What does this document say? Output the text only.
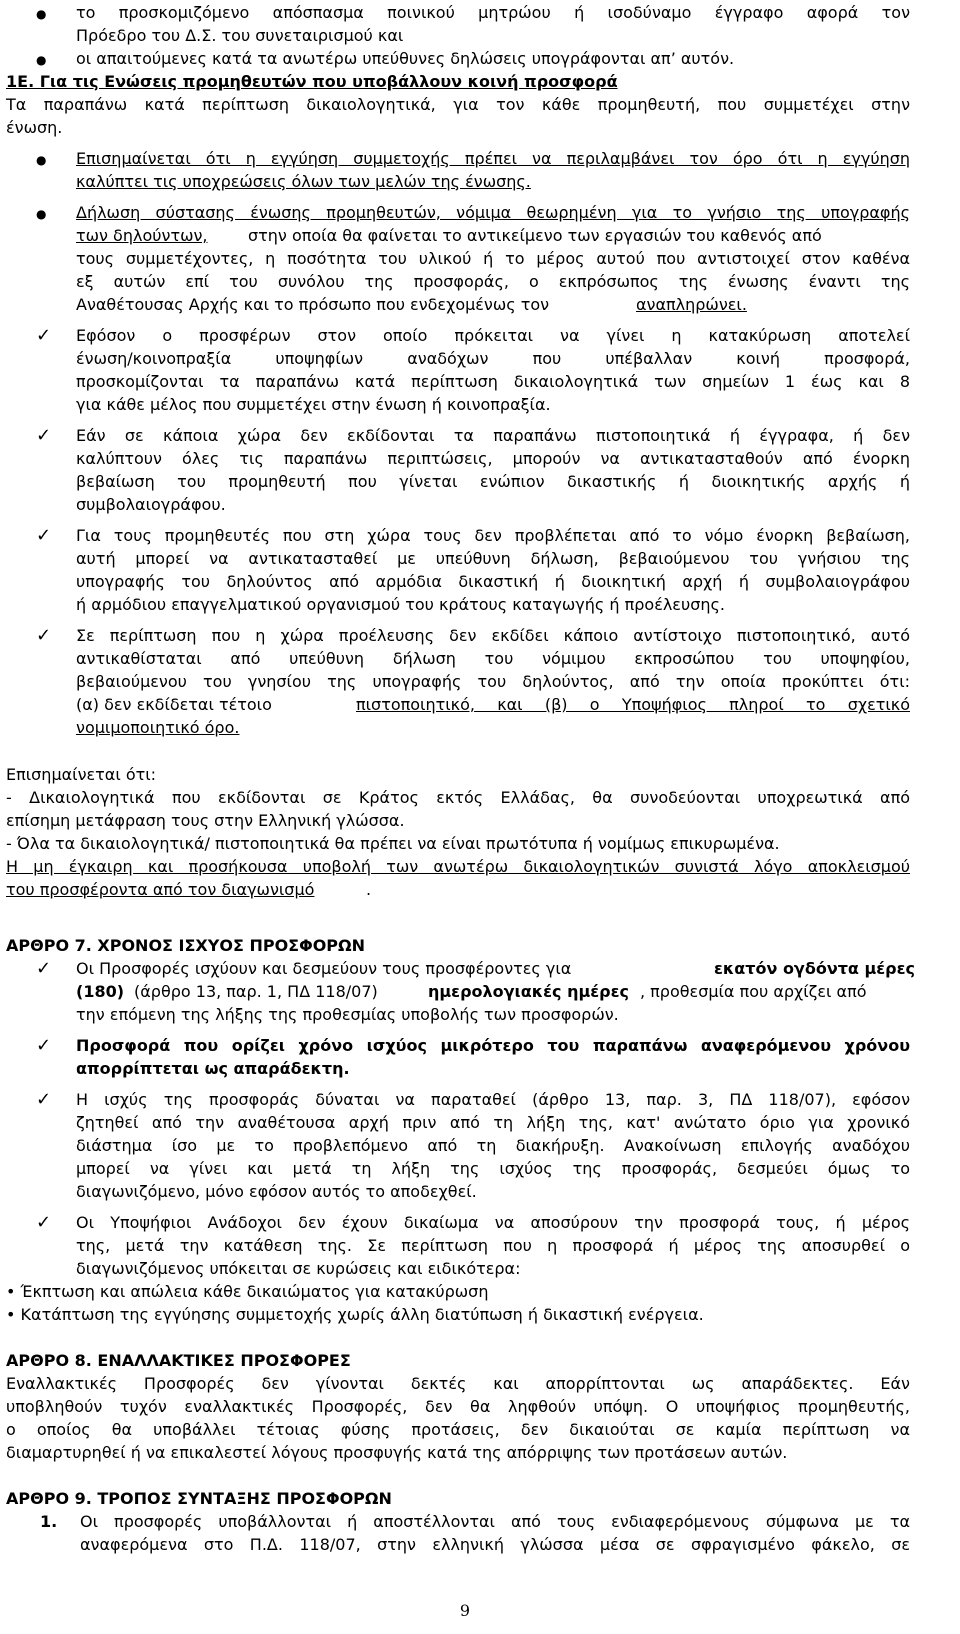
●
το προσκομιζόμενο απόσπασμα ποινικού μητρώου ή ισοδύναμο έγγραφο αφορά τον
Πρόεδρο του Δ.Σ. του συνεταιρισμού και
●
οι απαιτούμενες κατά τα ανωτέρω υπεύθυνες δηλώσεις υπογράφονται απ’ αυτόν.
1Ε. Για τις Ενώσεις προμηθευτών που υποβάλλουν κοινή προσφορά
Τα παραπάνω κατά περίπτωση δικαιολογητικά, για τον κάθε προμηθευτή, που συμμετέχει στην
ένωση.
●
Επισημαίνεται ότι η εγγύηση συμμετοχής πρέπει να περιλαμβάνει τον όρο ότι η εγγύηση
καλύπτει τις υποχρεώσεις όλων των μελών της ένωσης.
●
Δήλωση σύστασης ένωσης προμηθευτών, νόμιμα θεωρημένη για το γνήσιο της υπογραφής
των δηλούντων,	στην οποία θα φαίνεται το αντικείμενο των εργασιών του καθενός από
τους συμμετέχοντες, η ποσότητα του υλικού ή το μέρος αυτού που αντιστοιχεί στον καθένα
εξ αυτών επί του συνόλου της προσφοράς, ο εκπρόσωπος της ένωσης έναντι της
Αναθέτουσας Αρχής και το πρόσωπο που ενδεχομένως τον	αναπληρώνει.
✓ Εφόσον ο προσφέρων στον οποίο πρόκειται να γίνει η κατακύρωση αποτελεί
ένωση/κοινοπραξία υποψηφίων αναδόχων που υπέβαλλαν κοινή προσφορά,
προσκομίζονται τα παραπάνω κατά περίπτωση δικαιολογητικά των σημείων 1 έως και 8
για κάθε μέλος που συμμετέχει στην ένωση ή κοινοπραξία.
✓ Εάν σε κάποια χώρα δεν εκδίδονται τα παραπάνω πιστοποιητικά ή έγγραφα, ή δεν
καλύπτουν όλες τις παραπάνω περιπτώσεις, μπορούν να αντικατασταθούν από ένορκη
βεβαίωση του προμηθευτή που γίνεται ενώπιον δικαστικής ή διοικητικής αρχής ή
συμβολαιογράφου.
✓ Για τους προμηθευτές που στη χώρα τους δεν προβλέπεται από το νόμο ένορκη βεβαίωση,
αυτή μπορεί να αντικατασταθεί με υπεύθυνη δήλωση, βεβαιούμενου του γνήσιου της
υπογραφής του δηλούντος από αρμόδια δικαστική ή διοικητική αρχή ή συμβολαιογράφου
ή αρμόδιου επαγγελματικού οργανισμού του κράτους καταγωγής ή προέλευσης.
✓ Σε περίπτωση που η χώρα προέλευσης δεν εκδίδει κάποιο αντίστοιχο πιστοποιητικό, αυτό
αντικαθίσταται από υπεύθυνη δήλωση του νόμιμου εκπροσώπου του υποψηφίου,
βεβαιούμενου του γνησίου της υπογραφής του δηλούντος, από την οποία προκύπτει ότι:
(α) δεν εκδίδεται τέτοιο	πιστοποιητικό, και (β) ο Υποψήφιος πληροί το σχετικό
νομιμοποιητικό όρο.
Επισημαίνεται ότι:
- Δικαιολογητικά που εκδίδονται σε Κράτος εκτός Ελλάδας, θα συνοδεύονται υποχρεωτικά από
επίσημη μετάφραση τους στην Ελληνική γλώσσα.
- Όλα τα δικαιολογητικά/ πιστοποιητικά θα πρέπει να είναι πρωτότυπα ή νομίμως επικυρωμένα.
Η μη έγκαιρη και προσήκουσα υποβολή των ανωτέρω δικαιολογητικών συνιστά λόγο αποκλεισμού
του προσφέροντα από τον διαγωνισμό	.
ΑΡΘΡΟ 7. ΧΡΟΝΟΣ ΙΣΧΥΟΣ ΠΡΟΣΦΟΡΩΝ
✓ Οι Προσφορές ισχύουν και δεσμεύουν τους προσφέροντες για	εκατόν ογδόντα μέρες
(180) (άρθρο 13, παρ. 1, ΠΔ 118/07)	ημερολογιακές ημέρες , προθεσμία που αρχίζει από
την επόμενη της λήξης της προθεσμίας υποβολής των προσφορών.
✓ Προσφορά που ορίζει χρόνο ισχύος μικρότερο του παραπάνω αναφερόμενου χρόνου
απορρίπτεται ως απαράδεκτη.
✓ Η ισχύς της προσφοράς δύναται να παραταθεί (άρθρο 13, παρ. 3, ΠΔ 118/07), εφόσον
ζητηθεί από την αναθέτουσα αρχή πριν από τη λήξη της, κατ' ανώτατο όριο για χρονικό
διάστημα ίσο με το προβλεπόμενο από τη διακήρυξη. Ανακοίνωση επιλογής αναδόχου
μπορεί να γίνει και μετά τη λήξη της ισχύος της προσφοράς, δεσμεύει όμως το
διαγωνιζόμενο, μόνο εφόσον αυτός το αποδεχθεί.
✓ Οι Υποψήφιοι Ανάδοχοι δεν έχουν δικαίωμα να αποσύρουν την προσφορά τους, ή μέρος
της, μετά την κατάθεση της. Σε περίπτωση που η προσφορά ή μέρος της αποσυρθεί ο
διαγωνιζόμενος υπόκειται σε κυρώσεις και ειδικότερα:
• Έκπτωση και απώλεια κάθε δικαιώματος για κατακύρωση
• Κατάπτωση της εγγύησης συμμετοχής χωρίς άλλη διατύπωση ή δικαστική ενέργεια.
ΑΡΘΡΟ 8. ΕΝΑΛΛΑΚΤΙΚΕΣ ΠΡΟΣΦΟΡΕΣ
Εναλλακτικές Προσφορές δεν γίνονται δεκτές και απορρίπτονται ως απαράδεκτες. Εάν
υποβληθούν τυχόν εναλλακτικές Προσφορές, δεν θα ληφθούν υπόψη. Ο υποψήφιος προμηθευτής,
ο οποίος θα υποβάλλει τέτοιας φύσης προτάσεις, δεν δικαιούται σε καμία περίπτωση να
διαμαρτυρηθεί ή να επικαλεστεί λόγους προσφυγής κατά της απόρριψης των προτάσεων αυτών.
ΑΡΘΡΟ 9. ΤΡΟΠΟΣ ΣΥΝΤΑΞΗΣ ΠΡΟΣΦΟΡΩΝ
1. Οι προσφορές υποβάλλονται ή αποστέλλονται από τους ενδιαφερόμενους σύμφωνα με τα
αναφερόμενα στο Π.Δ. 118/07, στην ελληνική γλώσσα μέσα σε σφραγισμένο φάκελο, σε
9
